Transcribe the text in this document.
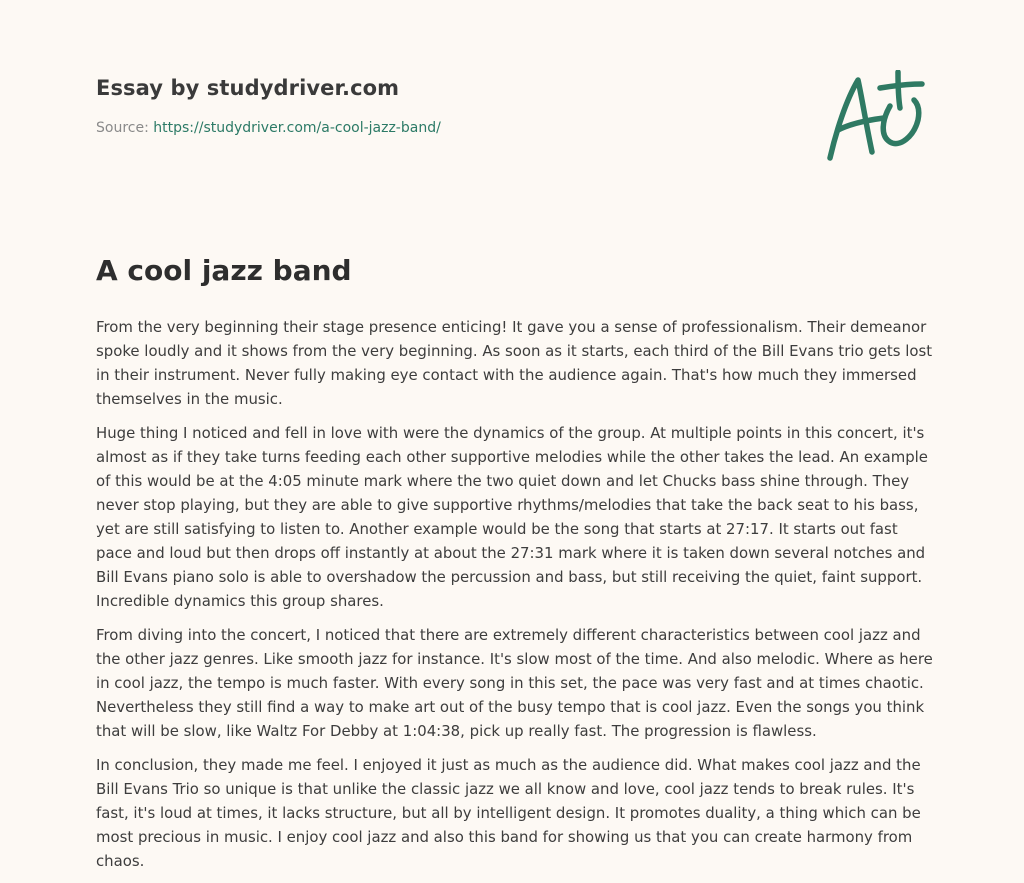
Essay by studydriver.com
Source: https://studydriver.com/a-cool-jazz-band/
A cool jazz band

From the very beginning their stage presence enticing! It gave you a sense of professionalism. Their demeanor spoke loudly and it shows from the very beginning. As soon as it starts, each third of the Bill Evans trio gets lost in their instrument. Never fully making eye contact with the audience again. That's how much they immersed themselves in the music.

Huge thing I noticed and fell in love with were the dynamics of the group. At multiple points in this concert, it's almost as if they take turns feeding each other supportive melodies while the other takes the lead. An example of this would be at the 4:05 minute mark where the two quiet down and let Chucks bass shine through. They never stop playing, but they are able to give supportive rhythms/melodies that take the back seat to his bass, yet are still satisfying to listen to. Another example would be the song that starts at 27:17. It starts out fast pace and loud but then drops off instantly at about the 27:31 mark where it is taken down several notches and Bill Evans piano solo is able to overshadow the percussion and bass, but still receiving the quiet, faint support. Incredible dynamics this group shares.

From diving into the concert, I noticed that there are extremely different characteristics between cool jazz and the other jazz genres. Like smooth jazz for instance. It's slow most of the time. And also melodic. Where as here in cool jazz, the tempo is much faster. With every song in this set, the pace was very fast and at times chaotic. Nevertheless they still find a way to make art out of the busy tempo that is cool jazz. Even the songs you think that will be slow, like Waltz For Debby at 1:04:38, pick up really fast. The progression is flawless.

In conclusion, they made me feel. I enjoyed it just as much as the audience did. What makes cool jazz and the Bill Evans Trio so unique is that unlike the classic jazz we all know and love, cool jazz tends to break rules. It's fast, it's loud at times, it lacks structure, but all by intelligent design. It promotes duality, a thing which can be most precious in music. I enjoy cool jazz and also this band for showing us that you can create harmony from chaos.
